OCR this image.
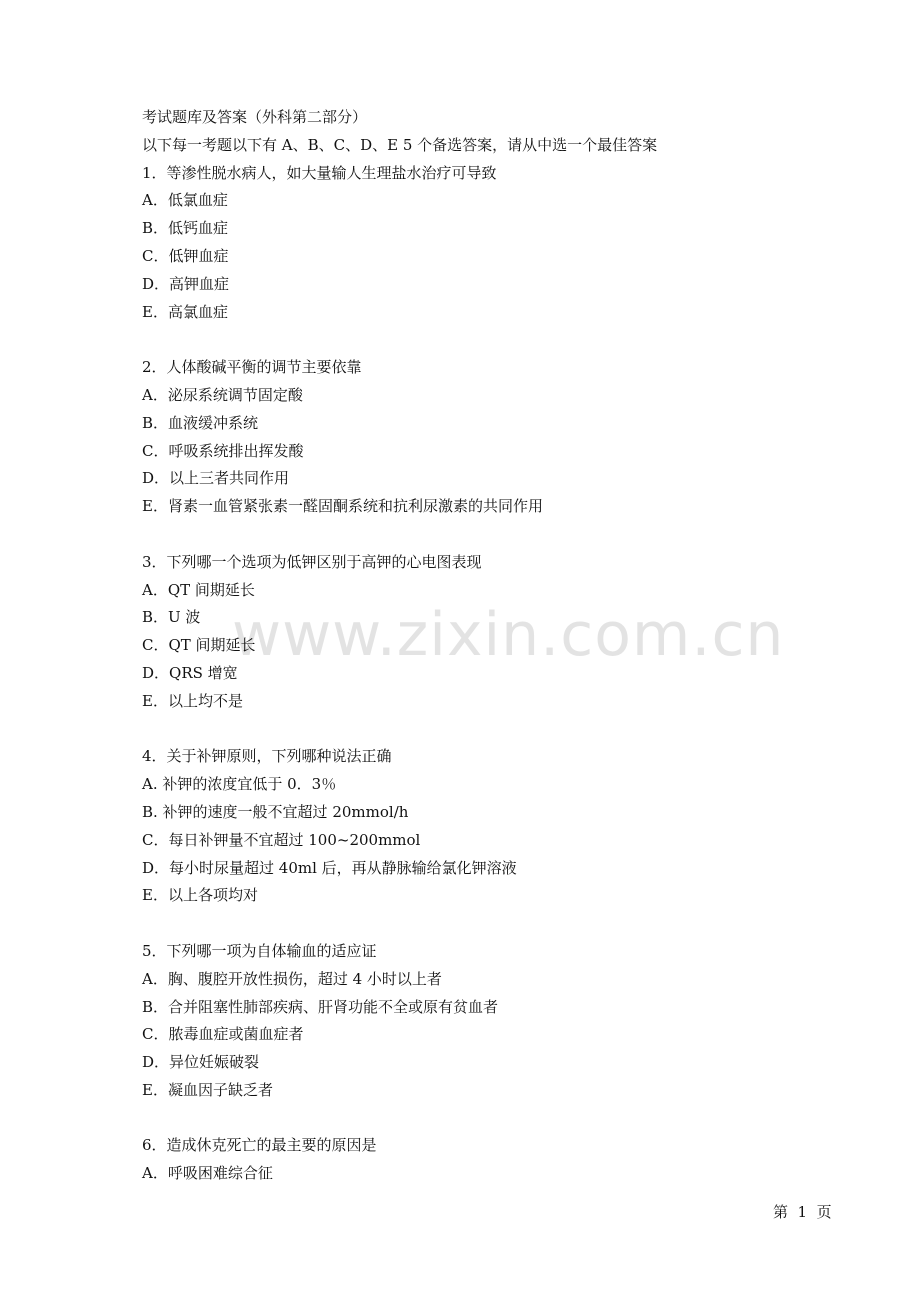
www.zixin.com.cn
考试题库及答案（外科第二部分）
以下每一考题以下有 A、B、C、D、E 5 个备选答案，请从中选一个最佳答案
1．等渗性脱水病人，如大量输人生理盐水治疗可导致
A．低氯血症
B．低钙血症
C．低钾血症
D．高钾血症
E．高氯血症
2．人体酸碱平衡的调节主要依靠
A．泌尿系统调节固定酸
B．血液缓冲系统
C．呼吸系统排出挥发酸
D．以上三者共同作用
E．肾素一血管紧张素一醛固酮系统和抗利尿激素的共同作用
3．下列哪一个选项为低钾区别于高钾的心电图表现
A．QT 间期延长
B．U 波
C．QT 间期延长
D．QRS 增宽
E．以上均不是
4．关于补钾原则，下列哪种说法正确
A. 补钾的浓度宜低于 0．3％
B. 补钾的速度一般不宜超过 20mmol/h
C．每日补钾量不宜超过 100~200mmol
D．每小时尿量超过 40ml 后，再从静脉输给氯化钾溶液
E．以上各项均对
5．下列哪一项为自体输血的适应证
A．胸、腹腔开放性损伤，超过 4 小时以上者
B．合并阻塞性肺部疾病、肝肾功能不全或原有贫血者
C．脓毒血症或菌血症者
D．异位妊娠破裂
E．凝血因子缺乏者
6．造成休克死亡的最主要的原因是
A．呼吸困难综合征
第  1  页
